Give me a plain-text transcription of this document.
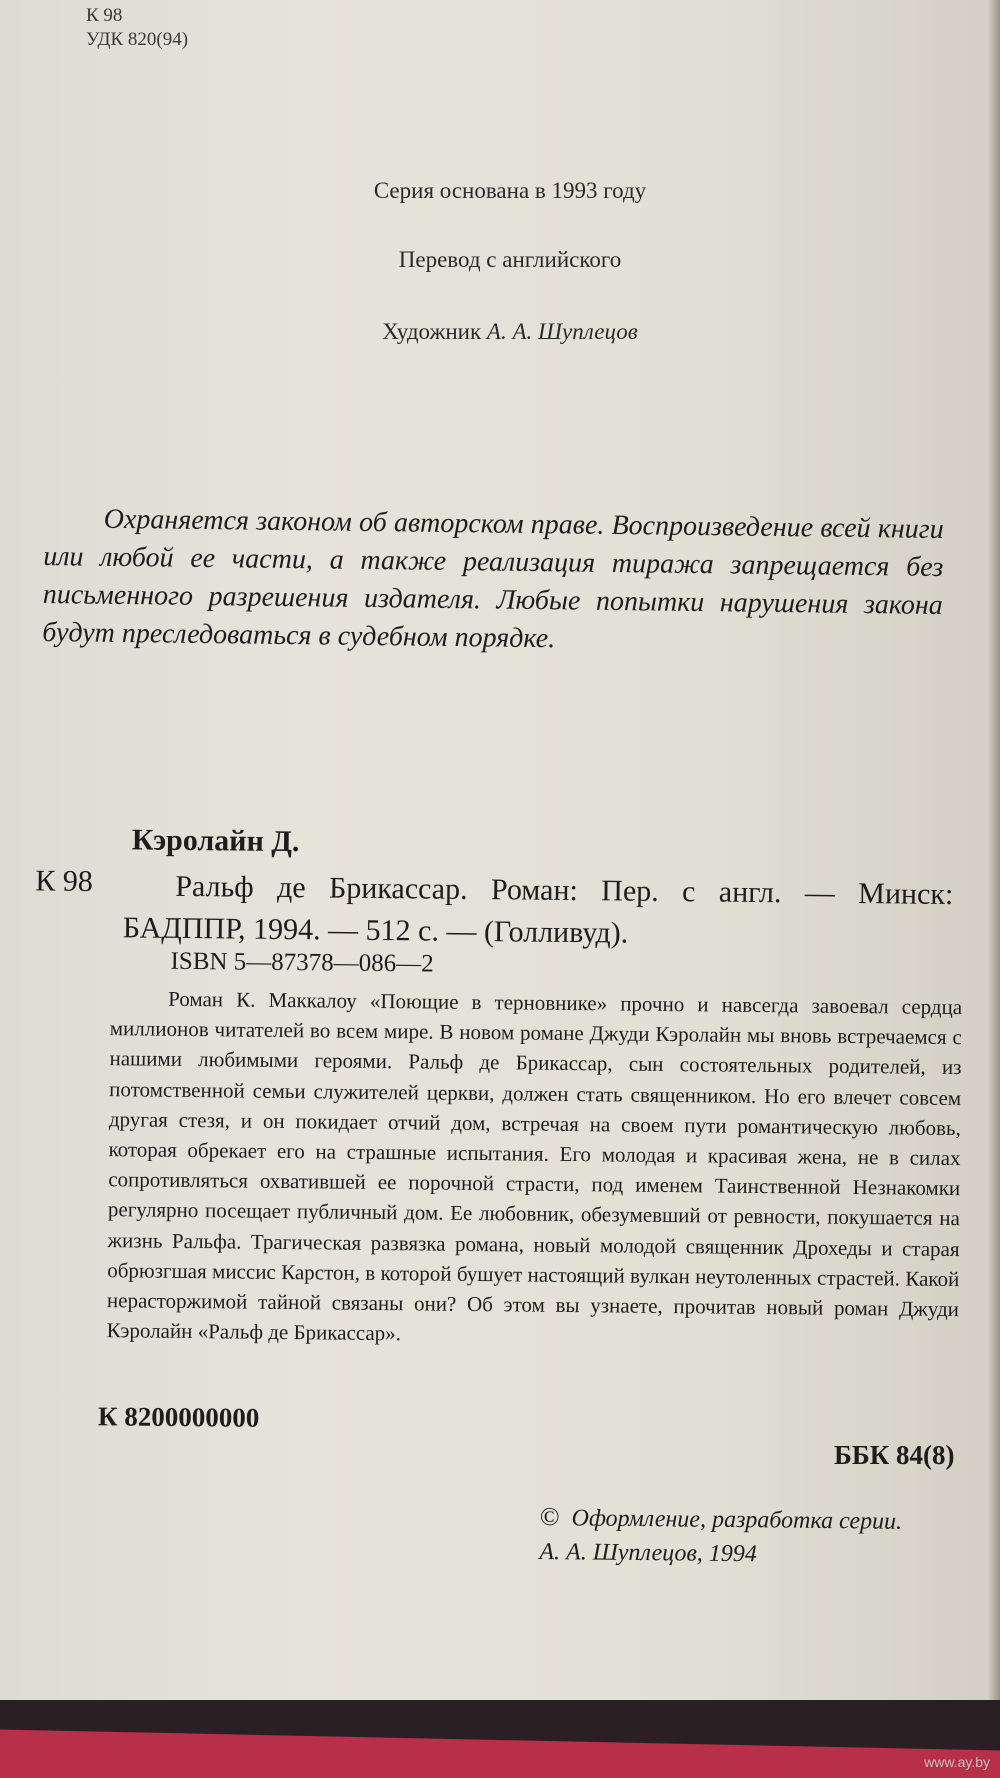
К 98
УДК 820(94)
Серия основана в 1993 году
Перевод с английского
Художник А. А. Шуплецов

Охраняется законом об авторском праве. Воспроизведение всей книги или любой ее части, а также реализация тиража запрещается без письменного разрешения издателя. Любые попытки нарушения закона будут преследоваться в судебном порядке.

Кэролайн Д.
К 98	Ральф де Брикассар. Роман: Пер. с англ. — Минск: БАДППР, 1994. — 512 с. — (Голливуд).
ISBN 5—87378—086—2

Роман К. Маккалоу «Поющие в терновнике» прочно и навсегда завоевал сердца миллионов читателей во всем мире. В новом романе Джуди Кэролайн мы вновь встречаемся с нашими любимыми героями. Ральф де Брикассар, сын состоятельных родителей, из потомственной семьи служителей церкви, должен стать священником. Но его влечет совсем другая стезя, и он покидает отчий дом, встречая на своем пути романтическую любовь, которая обрекает его на страшные испытания. Его молодая и красивая жена, не в силах сопротивляться охватившей ее порочной страсти, под именем Таинственной Незнакомки регулярно посещает публичный дом. Ее любовник, обезумевший от ревности, покушается на жизнь Ральфа. Трагическая развязка романа, новый молодой священник Дрохеды и старая обрюзгшая миссис Карстон, в которой бушует настоящий вулкан неутоленных страстей. Какой нерасторжимой тайной связаны они? Об этом вы узнаете, прочитав новый роман Джуди Кэролайн «Ральф де Брикассар».

К 8200000000
ББК 84(8)
© Оформление, разработка серии.
А. А. Шуплецов, 1994
www.ay.by
